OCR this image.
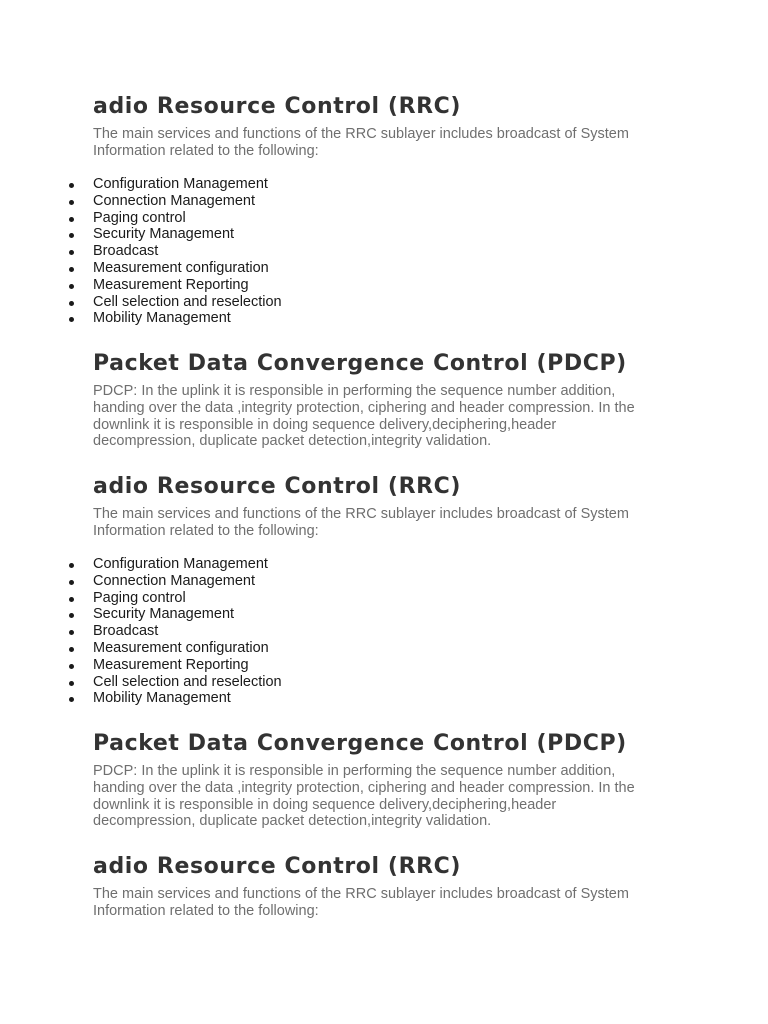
adio Resource Control (RRC)

The main services and functions of the RRC sublayer includes broadcast of System
Information related to the following:

Configuration Management
Connection Management
Paging control
Security Management
Broadcast
Measurement configuration
Measurement Reporting
Cell selection and reselection
Mobility Management
Packet Data Convergence Control (PDCP)

PDCP: In the uplink it is responsible in performing the sequence number addition,
handing over the data ,integrity protection, ciphering and header compression. In the
downlink it is responsible in doing sequence delivery,deciphering,header
decompression, duplicate packet detection,integrity validation.

adio Resource Control (RRC)

The main services and functions of the RRC sublayer includes broadcast of System
Information related to the following:

Configuration Management
Connection Management
Paging control
Security Management
Broadcast
Measurement configuration
Measurement Reporting
Cell selection and reselection
Mobility Management
Packet Data Convergence Control (PDCP)

PDCP: In the uplink it is responsible in performing the sequence number addition,
handing over the data ,integrity protection, ciphering and header compression. In the
downlink it is responsible in doing sequence delivery,deciphering,header
decompression, duplicate packet detection,integrity validation.

adio Resource Control (RRC)

The main services and functions of the RRC sublayer includes broadcast of System
Information related to the following:
